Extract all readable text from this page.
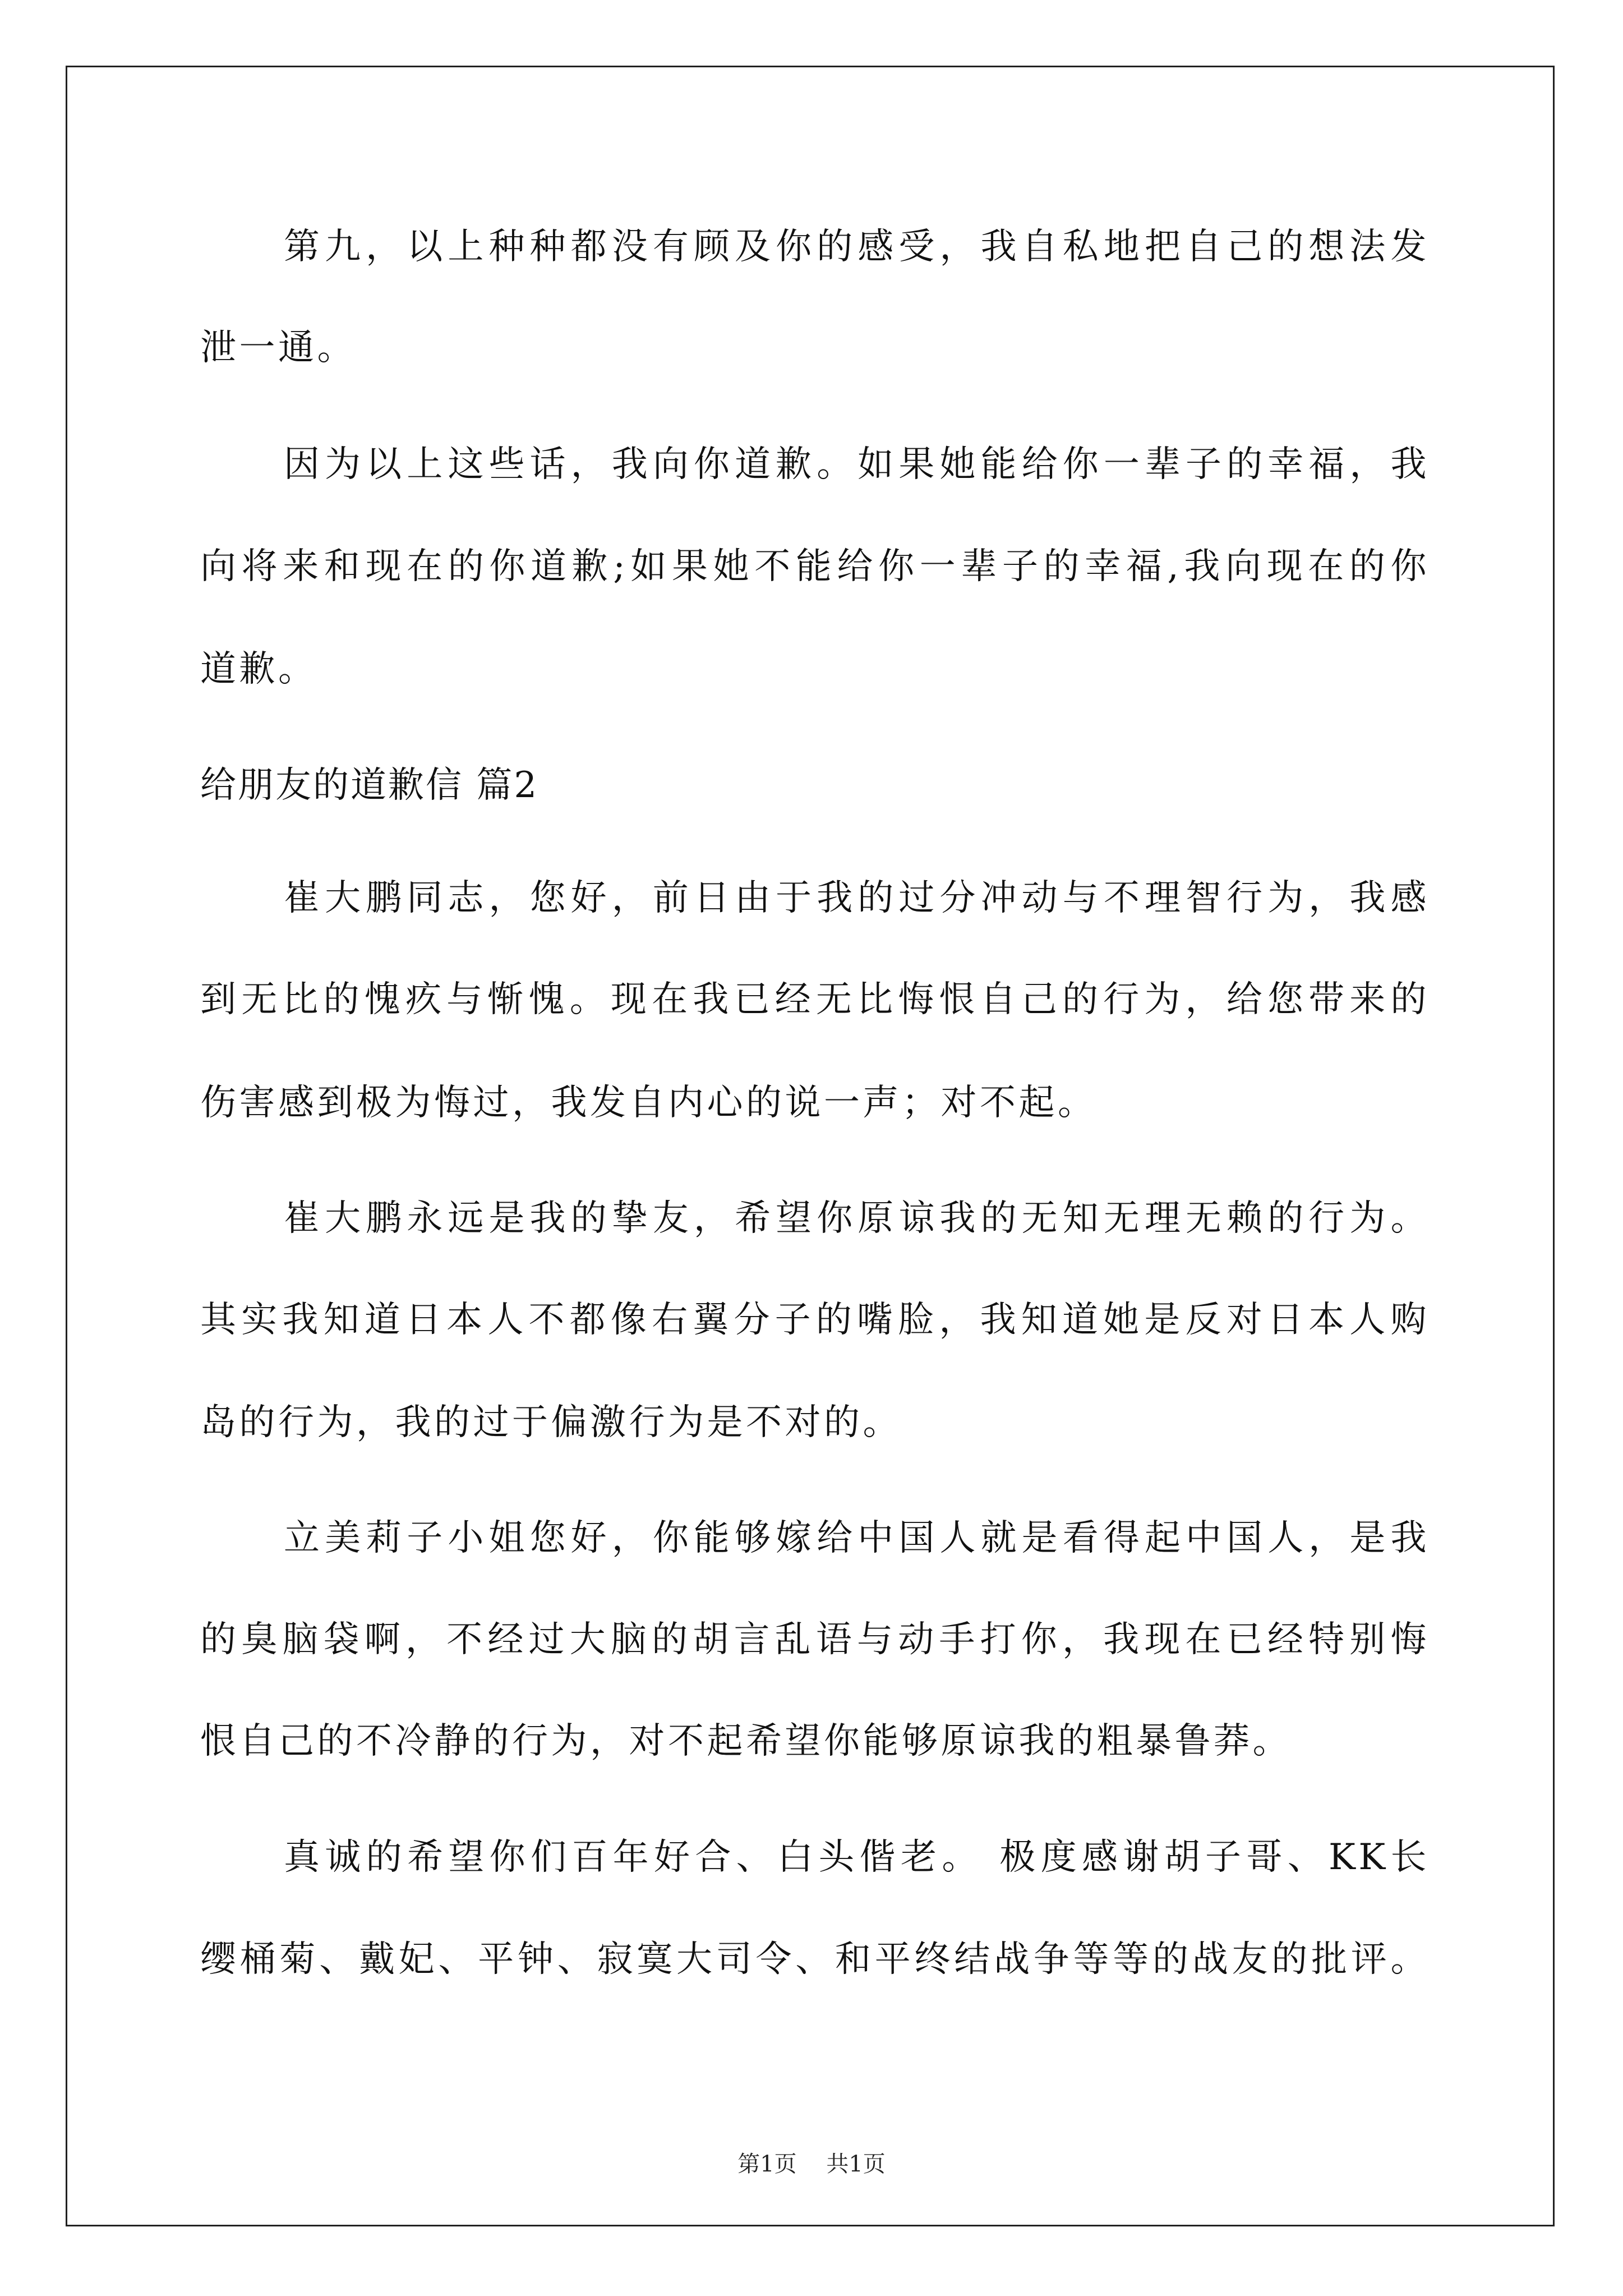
第九，以上种种都没有顾及你的感受，我自私地把自己的想法发
泄一通。
因为以上这些话，我向你道歉。如果她能给你一辈子的幸福，我
向将来和现在的你道歉;如果她不能给你一辈子的幸福,我向现在的你
道歉。
给朋友的道歉信 篇2
崔大鹏同志，您好，前日由于我的过分冲动与不理智行为，我感
到无比的愧疚与惭愧。现在我已经无比悔恨自己的行为，给您带来的
伤害感到极为悔过，我发自内心的说一声；对不起。
崔大鹏永远是我的挚友，希望你原谅我的无知无理无赖的行为。
其实我知道日本人不都像右翼分子的嘴脸，我知道她是反对日本人购
岛的行为，我的过于偏激行为是不对的。
立美莉子小姐您好，你能够嫁给中国人就是看得起中国人，是我
的臭脑袋啊，不经过大脑的胡言乱语与动手打你，我现在已经特别悔
恨自己的不冷静的行为，对不起希望你能够原谅我的粗暴鲁莽。
真诚的希望你们百年好合、白头偕老。 极度感谢胡子哥、KK长
缨桶菊、戴妃、平钟、寂寞大司令、和平终结战争等等的战友的批评。
第1页 共1页
